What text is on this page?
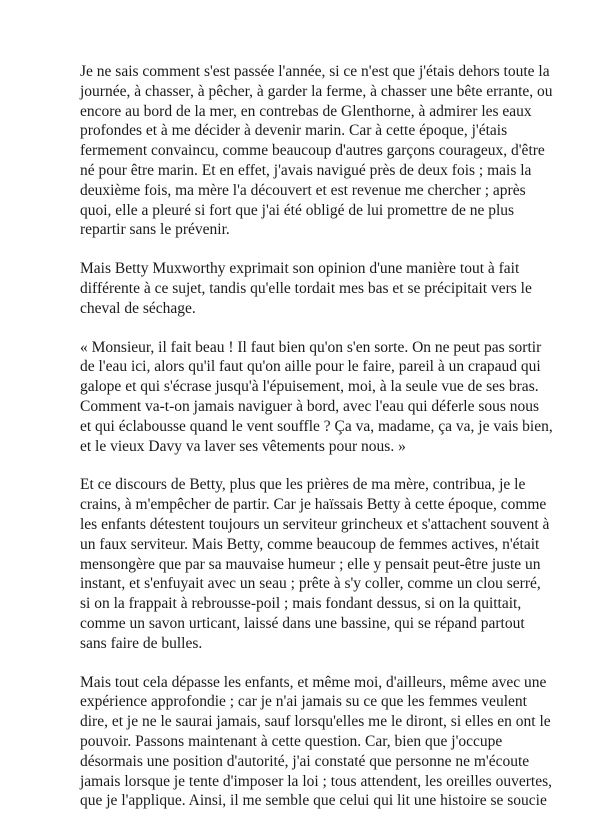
Je ne sais comment s'est passée l'année, si ce n'est que j'étais dehors toute la
journée, à chasser, à pêcher, à garder la ferme, à chasser une bête errante, ou
encore au bord de la mer, en contrebas de Glenthorne, à admirer les eaux
profondes et à me décider à devenir marin. Car à cette époque, j'étais
fermement convaincu, comme beaucoup d'autres garçons courageux, d'être
né pour être marin. Et en effet, j'avais navigué près de deux fois ; mais la
deuxième fois, ma mère l'a découvert et est revenue me chercher ; après
quoi, elle a pleuré si fort que j'ai été obligé de lui promettre de ne plus
repartir sans le prévenir.

Mais Betty Muxworthy exprimait son opinion d'une manière tout à fait
différente à ce sujet, tandis qu'elle tordait mes bas et se précipitait vers le
cheval de séchage.

« Monsieur, il fait beau ! Il faut bien qu'on s'en sorte. On ne peut pas sortir
de l'eau ici, alors qu'il faut qu'on aille pour le faire, pareil à un crapaud qui
galope et qui s'écrase jusqu'à l'épuisement, moi, à la seule vue de ses bras.
Comment va-t-on jamais naviguer à bord, avec l'eau qui déferle sous nous
et qui éclabousse quand le vent souffle ? Ça va, madame, ça va, je vais bien,
et le vieux Davy va laver ses vêtements pour nous. »

Et ce discours de Betty, plus que les prières de ma mère, contribua, je le
crains, à m'empêcher de partir. Car je haïssais Betty à cette époque, comme
les enfants détestent toujours un serviteur grincheux et s'attachent souvent à
un faux serviteur. Mais Betty, comme beaucoup de femmes actives, n'était
mensongère que par sa mauvaise humeur ; elle y pensait peut-être juste un
instant, et s'enfuyait avec un seau ; prête à s'y coller, comme un clou serré,
si on la frappait à rebrousse-poil ; mais fondant dessus, si on la quittait,
comme un savon urticant, laissé dans une bassine, qui se répand partout
sans faire de bulles.

Mais tout cela dépasse les enfants, et même moi, d'ailleurs, même avec une
expérience approfondie ; car je n'ai jamais su ce que les femmes veulent
dire, et je ne le saurai jamais, sauf lorsqu'elles me le diront, si elles en ont le
pouvoir. Passons maintenant à cette question. Car, bien que j'occupe
désormais une position d'autorité, j'ai constaté que personne ne m'écoute
jamais lorsque je tente d'imposer la loi ; tous attendent, les oreilles ouvertes,
que je l'applique. Ainsi, il me semble que celui qui lit une histoire se soucie
